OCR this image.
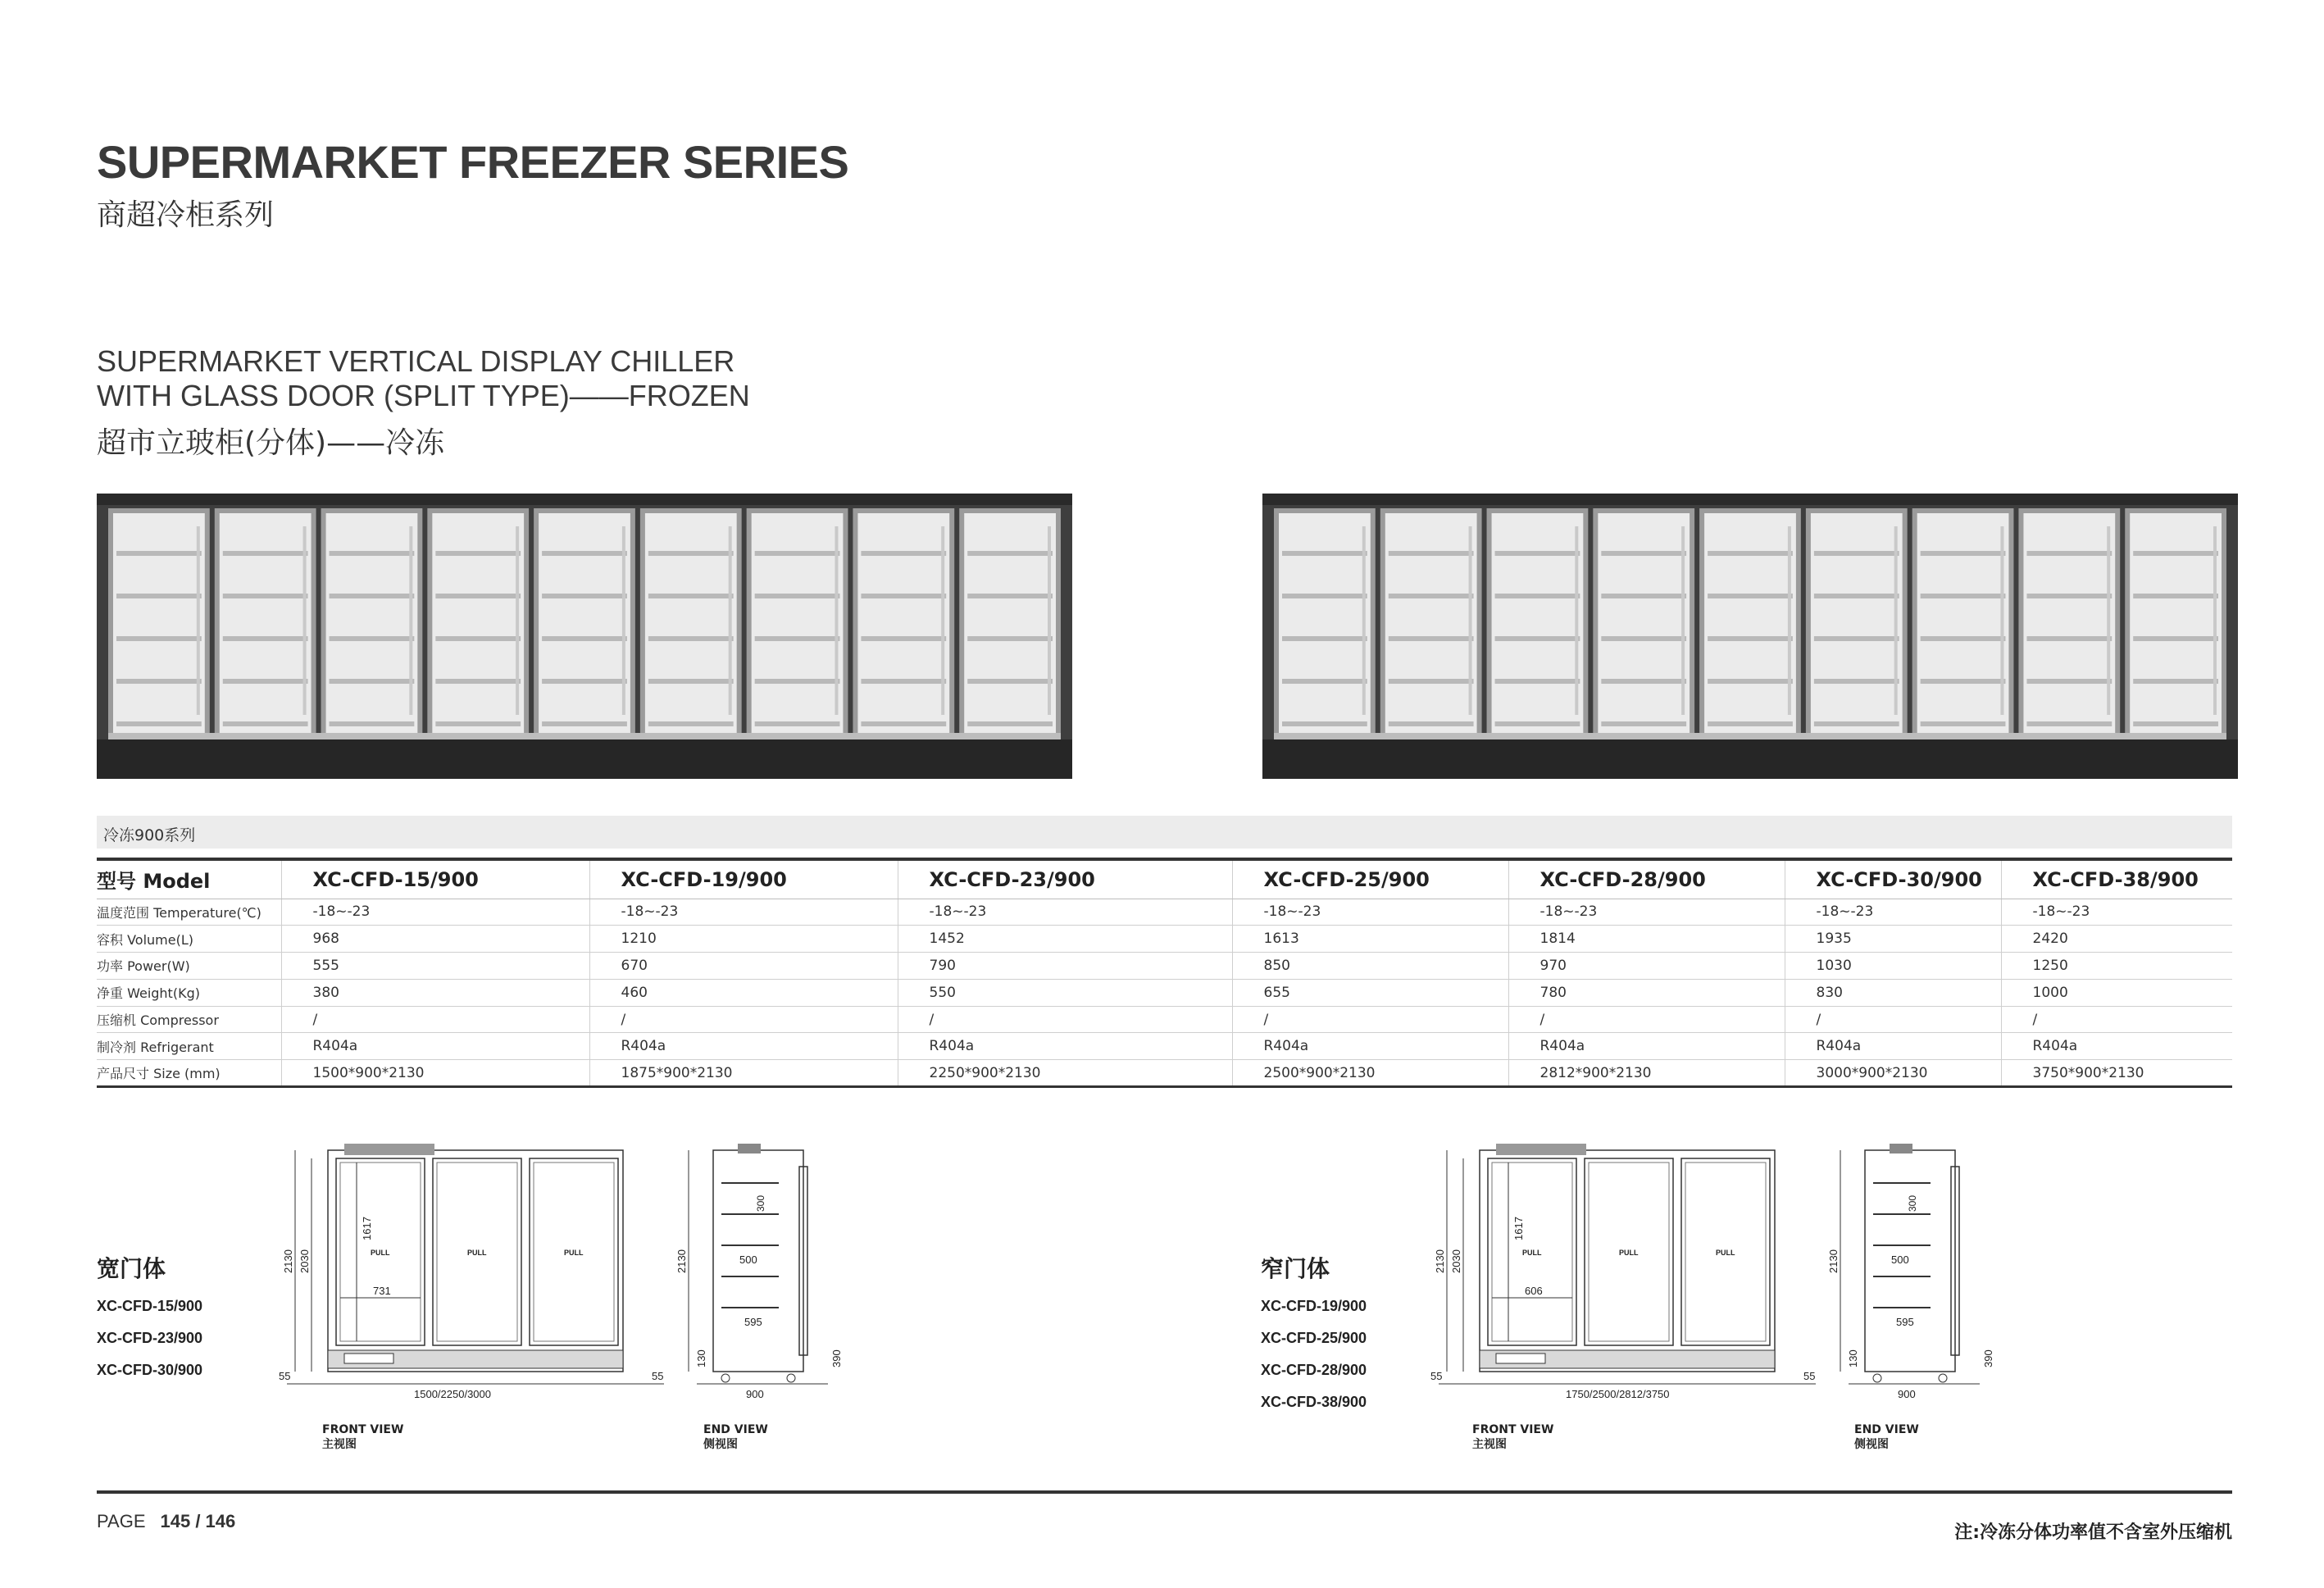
SUPERMARKET FREEZER SERIES
商超冷柜系列
SUPERMARKET VERTICAL DISPLAY CHILLER
WITH GLASS DOOR (SPLIT TYPE)——FROZEN
超市立玻柜(分体)——冷冻
冷冻900系列
型号 Model	XC-CFD-15/900	XC-CFD-19/900	XC-CFD-23/900	XC-CFD-25/900	XC-CFD-28/900	XC-CFD-30/900	XC-CFD-38/900
温度范围 Temperature(℃)	-18~-23	-18~-23	-18~-23	-18~-23	-18~-23	-18~-23	-18~-23
容积 Volume(L)	968	1210	1452	1613	1814	1935	2420
功率 Power(W)	555	670	790	850	970	1030	1250
净重 Weight(Kg)	380	460	550	655	780	830	1000
压缩机 Compressor	/	/	/	/	/	/	/
制冷剂 Refrigerant	R404a	R404a	R404a	R404a	R404a	R404a	R404a
产品尺寸 Size (mm)	1500*900*2130	1875*900*2130	2250*900*2130	2500*900*2130	2812*900*2130	3000*900*2130	3750*900*2130
宽门体
XC-CFD-15/900
XC-CFD-23/900
XC-CFD-30/900
PULL	PULL	PULL
2130 2030
1617
731
55
1500/2250/3000
55
FRONT VIEW
主视图
2130
300
500
595
130	390
900
END VIEW
侧视图
窄门体
XC-CFD-19/900
XC-CFD-25/900
XC-CFD-28/900
XC-CFD-38/900
PULL	PULL	PULL
2130 2030
1617
606
55
1750/2500/2812/3750
55
FRONT VIEW
主视图
2130
300
500
595
130	390
900
END VIEW
侧视图
PAGE 145 / 146
注:冷冻分体功率值不含室外压缩机
